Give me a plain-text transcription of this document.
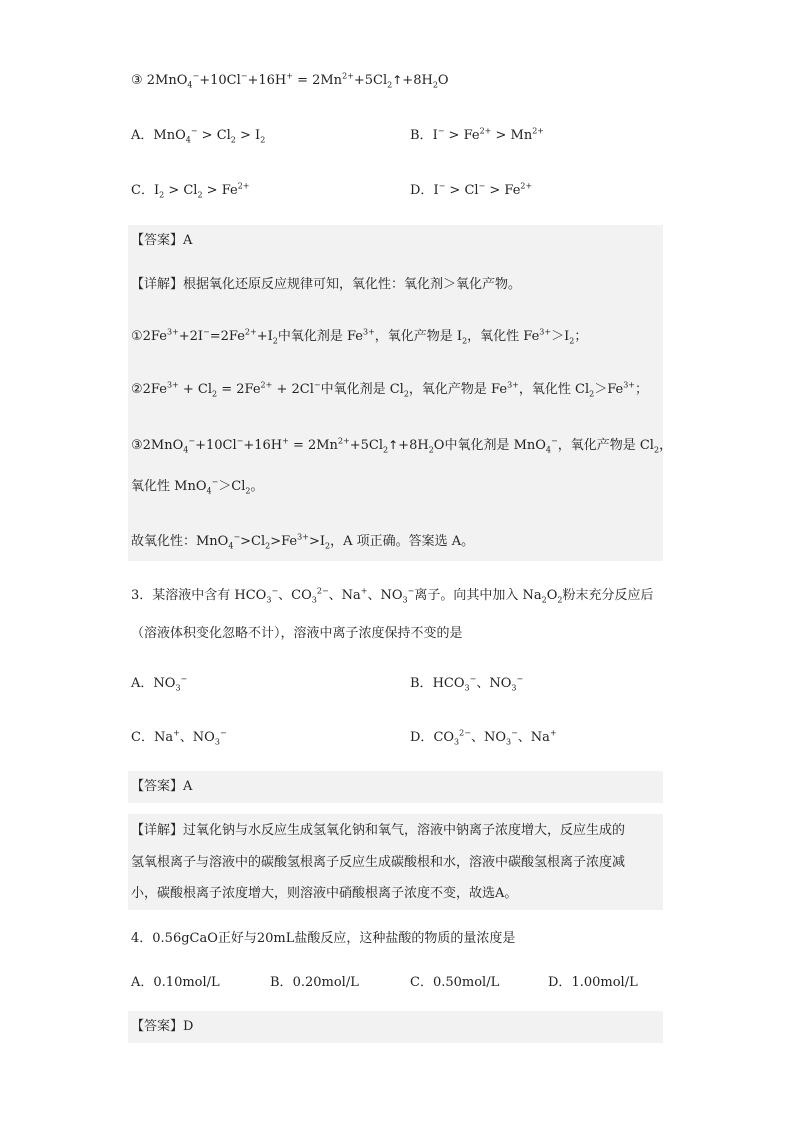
③ $2MnO_4^-+10Cl^-+16H^+ = 2Mn^{2+}+5Cl_2↑+8H_2O$
A．$MnO_4^- > Cl_2 > I_2$	B．$I^- > Fe^{2+} > Mn^{2+}$
C．$I_2 > Cl_2 > Fe^{2+}$	D．$I^- > Cl^- > Fe^{2+}$
【答案】A
【详解】根据氧化还原反应规律可知，氧化性：氧化剂＞氧化产物。
$①2Fe^{3+}+2I^-=2Fe^{2+}+I_2$中氧化剂是 $Fe^{3+}$，氧化产物是 $I_2$，氧化性 $Fe^{3+}>I_2$；
$②2Fe^{3+} + Cl_2 = 2Fe^{2+} + 2Cl^-$中氧化剂是 $Cl_2$，氧化产物是 $Fe^{3+}$，氧化性 $Cl_2>Fe^{3+}$；
③2MnO$_4$−+10Cl−+16H+ = $2Mn^{2+}+5Cl_2↑+8H_2O$中氧化剂是 MnO$_4$−，氧化产物是 $Cl_2$，
氧化性 $MnO_4^->Cl_2$。
故氧化性：$MnO_4^->Cl_2>Fe^{3+}>I_2$，A 项正确。答案选 A。
3．某溶液中含有 $HCO_3^-$、$CO_3^{2-}$、Na+、$NO_3^-$离子。向其中加入 $Na_2O_2$粉末充分反应后
（溶液体积变化忽略不计），溶液中离子浓度保持不变的是
A．$NO_3^-$	B．$HCO_3^-$、$NO_3^-$
C．Na+、$NO_3^-$	D．$CO_3^{2-}$、$NO_3^-$、Na+
【答案】A
【详解】过氧化钠与水反应生成氢氧化钠和氧气，溶液中钠离子浓度增大，反应生成的
氢氧根离子与溶液中的碳酸氢根离子反应生成碳酸根和水，溶液中碳酸氢根离子浓度减
小，碳酸根离子浓度增大，则溶液中硝酸根离子浓度不变，故选A。
4．0.56gCaO正好与20mL盐酸反应，这种盐酸的物质的量浓度是
A．0.10mol/L	B．0.20mol/L	C．0.50mol/L	D．1.00mol/L
【答案】D
